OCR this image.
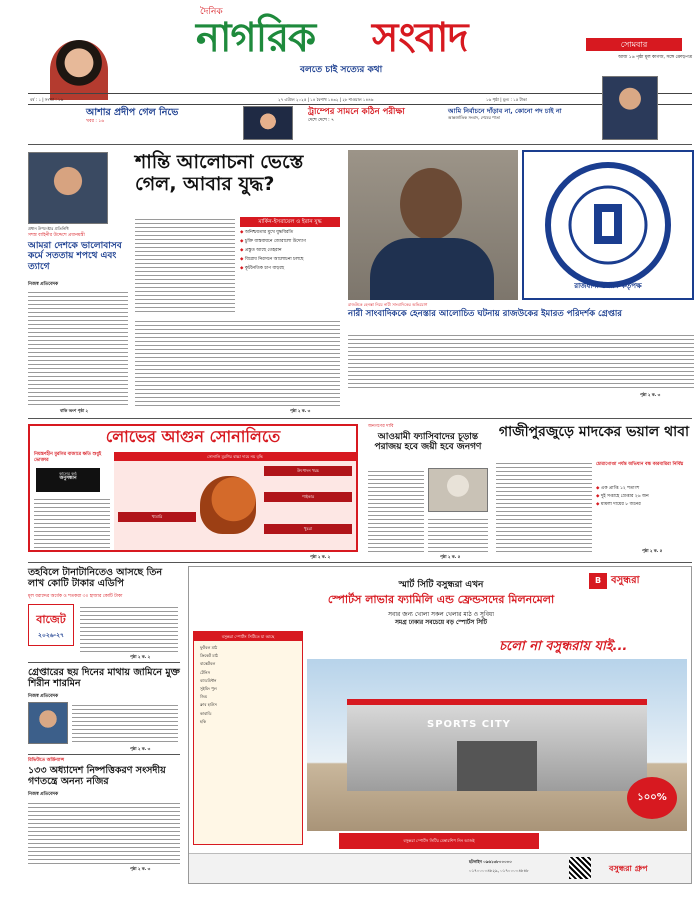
দৈনিক
নাগরিক সংবাদ
বলতে চাই সত্যের কথা
সোমবার
আজ ১৬ পৃষ্ঠা মূল কাগজ, সঙ্গে ক্রোড়পত্র
বর্ষ : ১ | সংখ্যা : ১৬	২৭ এপ্রিল ২০২৫ | ১৪ বৈশাখ ১৪৩২ | ২৮ শাওয়াল ১৪৪৬	১৬ পৃষ্ঠা | মূল্য : ১৫ টাকা
আশার প্রদীপ গেল নিভে
খবর : ১৬
ট্রাম্পের সামনে কঠিন পরীক্ষা
দেশে দেশে : ৭
আমি নির্বাচনে দাঁড়াব না, কোনো পদ চাই না
আন্তর্জাতিক সংবাদ, শেষের পাতা
প্রধান উপদেষ্টার প্রতিনিধি
সশস্ত্র বাহিনীর উদ্দেশে প্রধানমন্ত্রী
আমরা দেশকে ভালোবাসব কর্মে সততায় শপথে এবং ত্যাগে
নিজস্ব প্রতিবেদক
বাকি অংশ পৃষ্ঠা ২
শান্তি আলোচনা ভেস্তে গেল, আবার যুদ্ধ?
মার্কিন-ইসরায়েল ও ইরান যুদ্ধ
◆ অনিশ্চয়তার মুখে যুদ্ধবিরতি
◆ চুক্তি বাস্তবায়নে জোরালো উদ্যোগ
◆ প্রস্তুত আছে তেহরান
◆ বিরোধ নিরসনে আলোচনা চলছে
◆ কূটনৈতিক চাপ বাড়ছে
পৃষ্ঠা ২ ক. ৩
রাজধানী উন্নয়ন কর্তৃপক্ষ
রাজউকে হেনস্তা নিয়ে নারী সাংবাদিকের অভিযোগ
নারী সাংবাদিককে হেনস্তার আলোচিত ঘটনায় রাজউকের ইমারত পরিদর্শক গ্রেপ্তার
পৃষ্ঠা ২ ক. ৩
লোভের আগুন সোনালিতে
নিয়ন্ত্রণহীন মুরগির বাজারে ক্ষতি শুধুই ভোক্তার
কালের কণ্ঠ
অনুসন্ধান
সোনালি মুরগির বাচ্চা দামে নয় বৃদ্ধি
উৎপাদন খরচ
পাইকার
খামারি
খুচরা
পৃষ্ঠা ২ ক. ২
জনগণের দাবি
আওয়ামী ফ্যাসিবাদের চূড়ান্ত পরাজয় হবে জয়ী হবে জনগণ
পৃষ্ঠা ২ ক. ৫
গাজীপুরজুড়ে মাদকের ভয়াল থাবা
চোরাগোপ্তা পর্যন্ত অভিযান বন্ধ কারবারিরা নির্বিঘ্ন
◆ এক প্রাপ্তি ১২ শতাংশ
◆ দুই সপ্তাহে গ্রেপ্তার ২৬ জন
◆ মামলা দায়ের ৮ জনের
পৃষ্ঠা ২ ক. ৫
তহবিলে টানাটানিতেও আসছে তিন লাখ কোটি টাকার এডিপি
মূল বরাদ্দের অর্ধেক ও শতকরা ৩০ হাজার কোটি টাকা
বাজেট
২০২৬-২৭
পৃষ্ঠা ২ ক. ২
গ্রেপ্তারের ছয় দিনের মাথায় জামিনে মুক্ত শিরীন শারমিন
নিজস্ব প্রতিবেদক
পৃষ্ঠা ২ ক. ৩
রিভিউতে অর্ডিন্যান্স
১৩৩ অধ্যাদেশ নিষ্পত্তিকরণ সংসদীয় গণতন্ত্রে অনন্য নজির
নিজস্ব প্রতিবেদক
পৃষ্ঠা ২ ক. ৩
B বসুন্ধরা
স্মার্ট সিটি বসুন্ধরা এখন
স্পোর্টস লাভার ফ্যামিলি এন্ড ফ্রেন্ডসদের মিলনমেলা
সবার জন্য খোলা সকল খেলার মাঠ ও সুবিধা
সমগ্র ঢাকার সবচেয়ে বড় স্পোর্টস সিটি
বসুন্ধরা স্পোর্টস সিটিতে যা আছে
ফুটবল মাঠ
ক্রিকেট মাঠ
বাস্কেটবল
টেনিস
ব্যাডমিন্টন
সুইমিং পুল
জিম
ক্লাব হাউস
কাবাডি
হকি
চলো না বসুন্ধরায় যাই...
SPORTS CITY
১০০%
বসুন্ধরা স্পোর্টস সিটির মেম্বারশিপ নিন আজই
হটলাইন ০৯৬১৩৮০০০০০
০১৭০০০০৪৮২৯, ০১৭০০০০৪৮৪৮	বসুন্ধরা গ্রুপ
